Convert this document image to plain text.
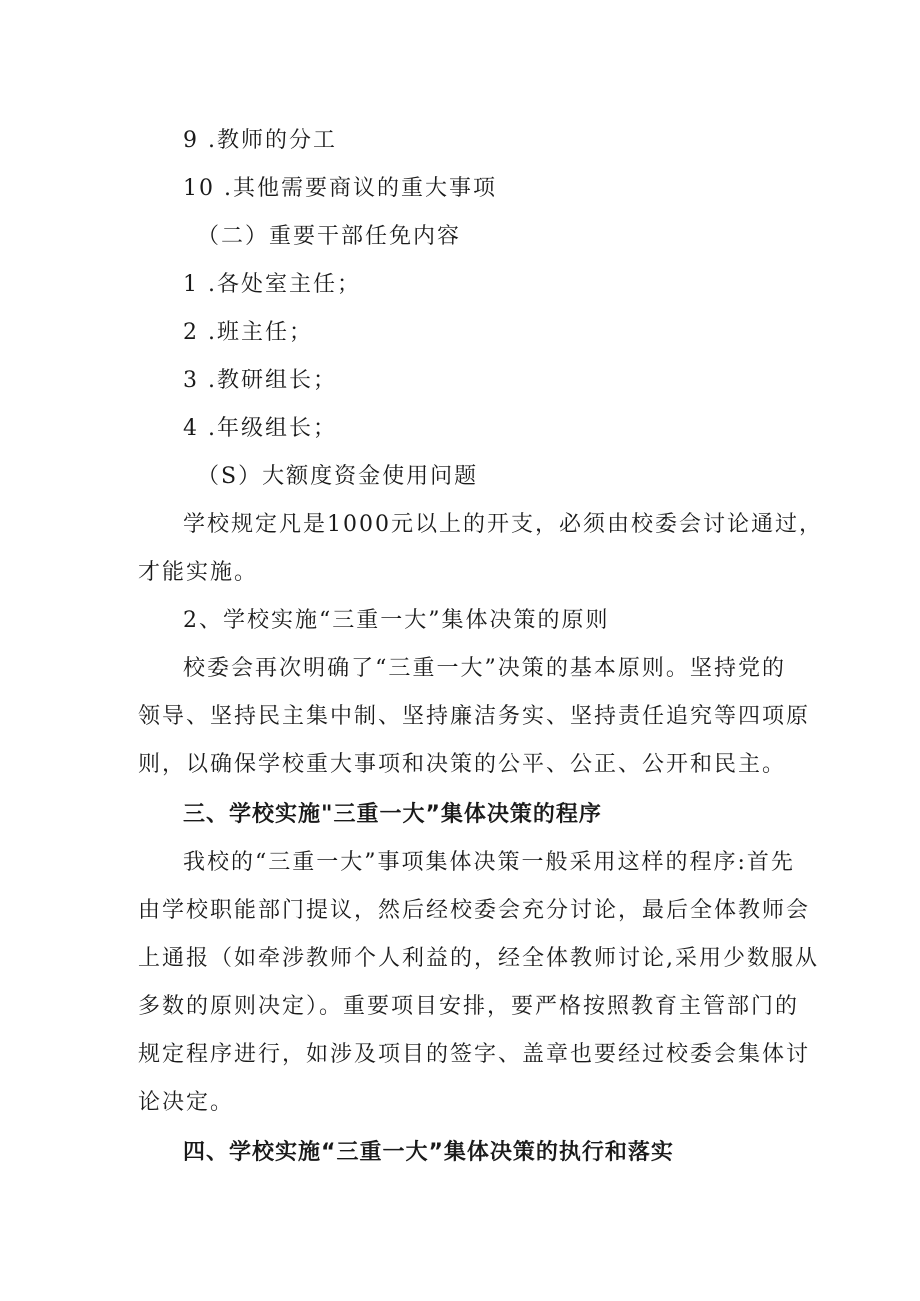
9 .教师的分工
10 .其他需要商议的重大事项
（二）重要干部任免内容
1 .各处室主任；
2 .班主任；
3 .教研组长；
4 .年级组长；
（S）大额度资金使用问题
学校规定凡是1000元以上的开支，必须由校委会讨论通过，
才能实施。
2、学校实施“三重一大”集体决策的原则
校委会再次明确了“三重一大”决策的基本原则。坚持党的
领导、坚持民主集中制、坚持廉洁务实、坚持责任追究等四项原
则，以确保学校重大事项和决策的公平、公正、公开和民主。
三、学校实施"三重一大”集体决策的程序
我校的“三重一大”事项集体决策一般采用这样的程序:首先
由学校职能部门提议，然后经校委会充分讨论，最后全体教师会
上通报（如牵涉教师个人利益的，经全体教师讨论,采用少数服从
多数的原则决定）。重要项目安排，要严格按照教育主管部门的
规定程序进行，如涉及项目的签字、盖章也要经过校委会集体讨
论决定。
四、学校实施“三重一大”集体决策的执行和落实
